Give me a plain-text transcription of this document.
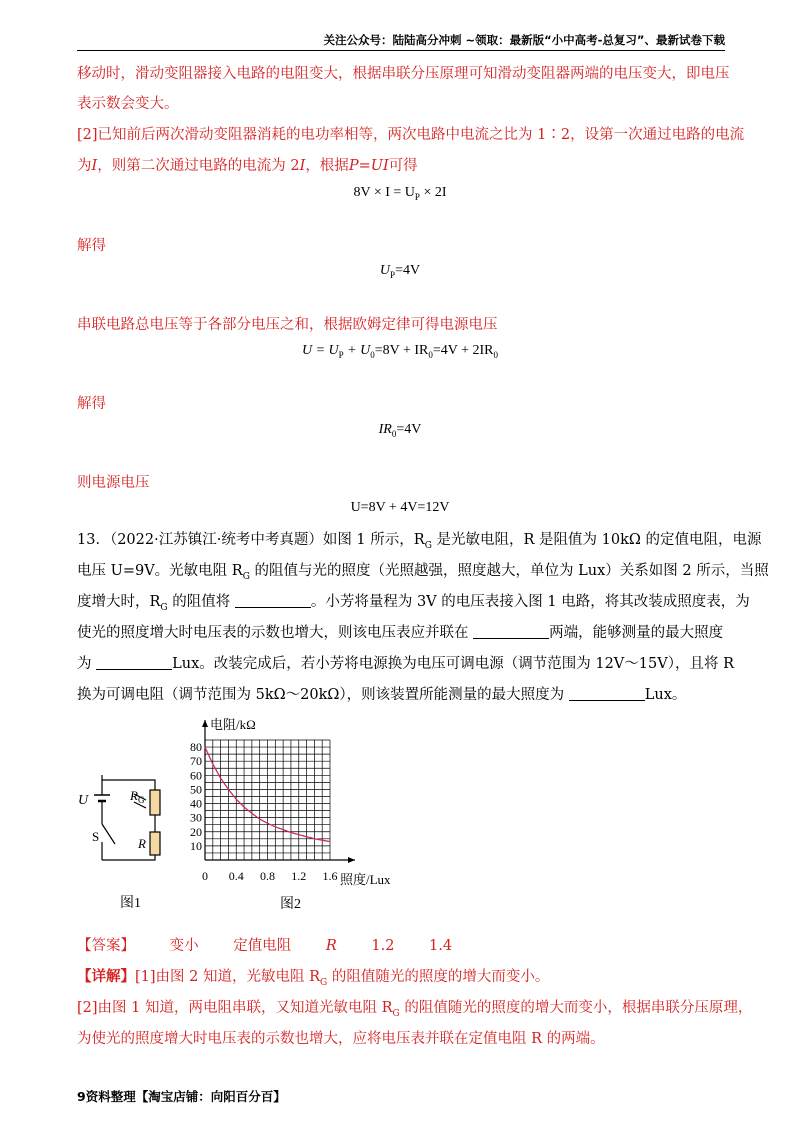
关注公众号：陆陆高分冲刺 ~领取：最新版“小中高考-总复习”、最新试卷下载
移动时，滑动变阻器接入电路的电阻变大，根据串联分压原理可知滑动变阻器两端的电压变大，即电压
表示数会变大。
[2]已知前后两次滑动变阻器消耗的电功率相等，两次电路中电流之比为 1∶2，设第一次通过电路的电流
为I，则第二次通过电路的电流为 2I，根据P=UI可得
$8V \times I = U_P \times 2I$
解得
$U_P=4V$
串联电路总电压等于各部分电压之和，根据欧姆定律可得电源电压
$U = U_P + U_0=8V + IR_0=4V + 2IR_0$
解得
$IR_0=4V$
则电源电压
U=8V + 4V=12V
13．（2022·江苏镇江·统考中考真题）如图 1 所示，$R_G$ 是光敏电阻，R 是阻值为 10kΩ 的定值电阻，电源
电压 U=9V。光敏电阻 $R_G$ 的阻值与光的照度（光照越强，照度越大，单位为 Lux）关系如图 2 所示，当照
度增大时，$R_G$ 的阻值将	。小芳将量程为 3V 的电压表接入图 1 电路，将其改装成照度表，为
使光的照度增大时电压表的示数也增大，则该电压表应并联在	两端，能够测量的最大照度
为	Lux。改装完成后，若小芳将电源换为电压可调电源（调节范围为 12V～15V），且将 R
换为可调电阻（调节范围为 5kΩ～20kΩ），则该装置所能测量的最大照度为	Lux。
U	$R_G$
S	R
图1
0 0.4 0.8 1.2 1.6
10
20
30
40
50
60
70
80
电阻/kΩ
照度/Lux
图2
【答案】 变小 定值电阻 R 1.2 1.4
【详解】[1]由图 2 知道，光敏电阻 $R_G$ 的阻值随光的照度的增大而变小。
[2]由图 1 知道，两电阻串联，又知道光敏电阻 $R_G$ 的阻值随光的照度的增大而变小，根据串联分压原理，
为使光的照度增大时电压表的示数也增大，应将电压表并联在定值电阻 R 的两端。
9资料整理【淘宝店铺：向阳百分百】
